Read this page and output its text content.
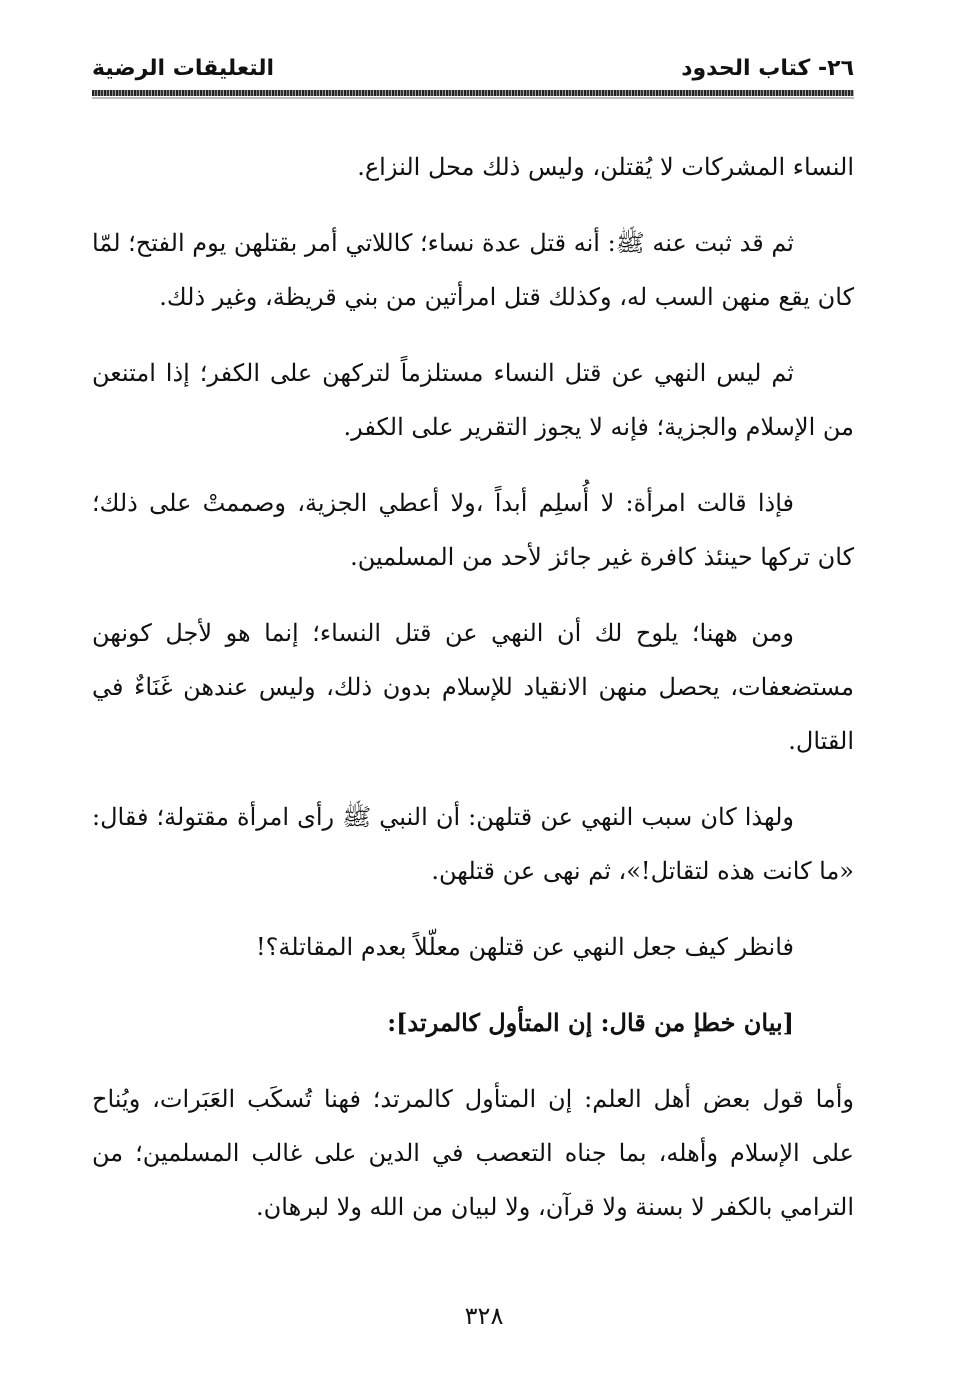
٢٦- كتاب الحدود
التعليقات الرضية

النساء المشركات لا يُقتلن، وليس ذلك محل النزاع.

ثم قد ثبت عنه ﷺ: أنه قتل عدة نساء؛ كاللاتي أمر بقتلهن يوم الفتح؛ لمّا كان يقع منهن السب له، وكذلك قتل امرأتين من بني قريظة، وغير ذلك.

ثم ليس النهي عن قتل النساء مستلزماً لتركهن على الكفر؛ إذا امتنعن من الإسلام والجزية؛ فإنه لا يجوز التقرير على الكفر.

فإذا قالت امرأة: لا أُسلِم أبداً ،ولا أعطي الجزية، وصممتْ على ذلك؛ كان تركها حينئذ كافرة غير جائز لأحد من المسلمين.

ومن ههنا؛ يلوح لك أن النهي عن قتل النساء؛ إنما هو لأجل كونهن مستضعفات، يحصل منهن الانقياد للإسلام بدون ذلك، وليس عندهن غَنَاءٌ في القتال.

ولهذا كان سبب النهي عن قتلهن: أن النبي ﷺ رأى امرأة مقتولة؛ فقال: «ما كانت هذه لتقاتل!»، ثم نهى عن قتلهن.

فانظر كيف جعل النهي عن قتلهن معلّلاً بعدم المقاتلة؟!

[بيان خطإ من قال: إن المتأول كالمرتد]:

وأما قول بعض أهل العلم: إن المتأول كالمرتد؛ فهنا تُسكَب العَبَرات، ويُناح على الإسلام وأهله، بما جناه التعصب في الدين على غالب المسلمين؛ من الترامي بالكفر لا بسنة ولا قرآن، ولا لبيان من الله ولا لبرهان.

٣٢٨
